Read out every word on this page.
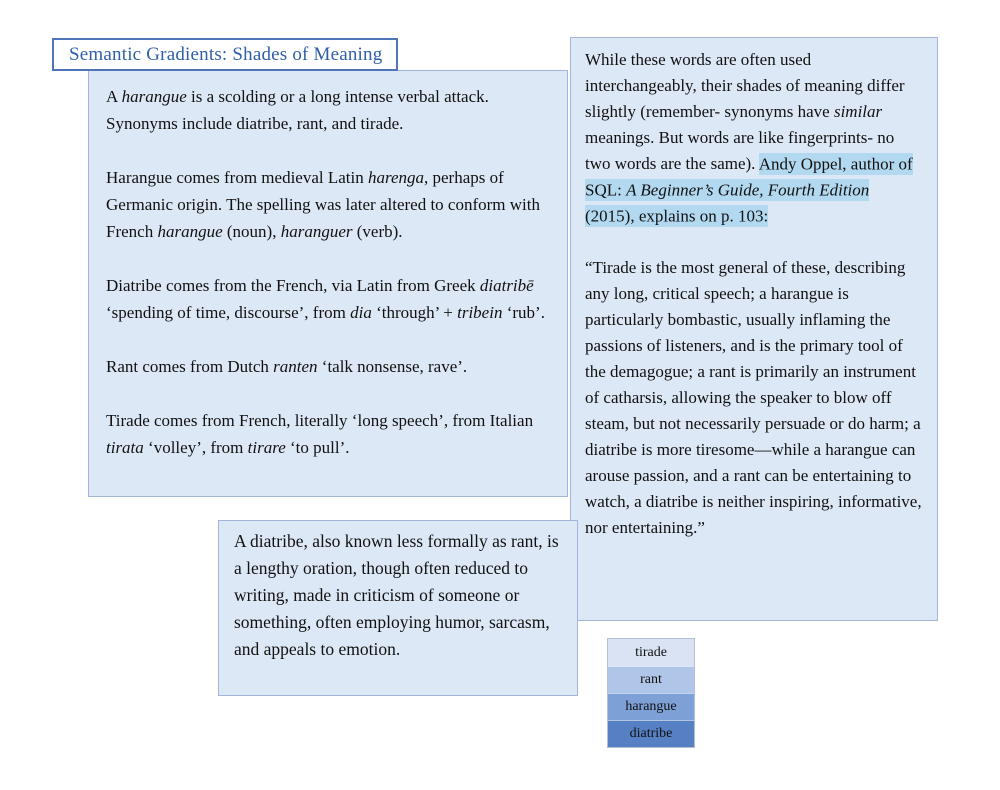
Semantic Gradients: Shades of Meaning

A harangue is a scolding or a long intense verbal attack. Synonyms include diatribe, rant, and tirade.

Harangue comes from medieval Latin harenga, perhaps of Germanic origin. The spelling was later altered to conform with French harangue (noun), haranguer (verb).

Diatribe comes from the French, via Latin from Greek diatribē ‘spending of time, discourse’, from dia ‘through’ + tribein ‘rub’.

Rant comes from Dutch ranten ‘talk nonsense, rave’.

Tirade comes from French, literally ‘long speech’, from Italian tirata ‘volley’, from tirare ‘to pull’.

While these words are often used interchangeably, their shades of meaning differ slightly (remember- synonyms have similar meanings. But words are like fingerprints- no two words are the same). Andy Oppel, author of SQL: A Beginner’s Guide, Fourth Edition (2015), explains on p. 103:

“Tirade is the most general of these, describing any long, critical speech; a harangue is particularly bombastic, usually inflaming the passions of listeners, and is the primary tool of the demagogue; a rant is primarily an instrument of catharsis, allowing the speaker to blow off steam, but not necessarily persuade or do harm; a diatribe is more tiresome—while a harangue can arouse passion, and a rant can be entertaining to watch, a diatribe is neither inspiring, informative, nor entertaining.”

A diatribe, also known less formally as rant, is a lengthy oration, though often reduced to writing, made in criticism of someone or something, often employing humor, sarcasm, and appeals to emotion.	tirade
rant
harangue
diatribe
